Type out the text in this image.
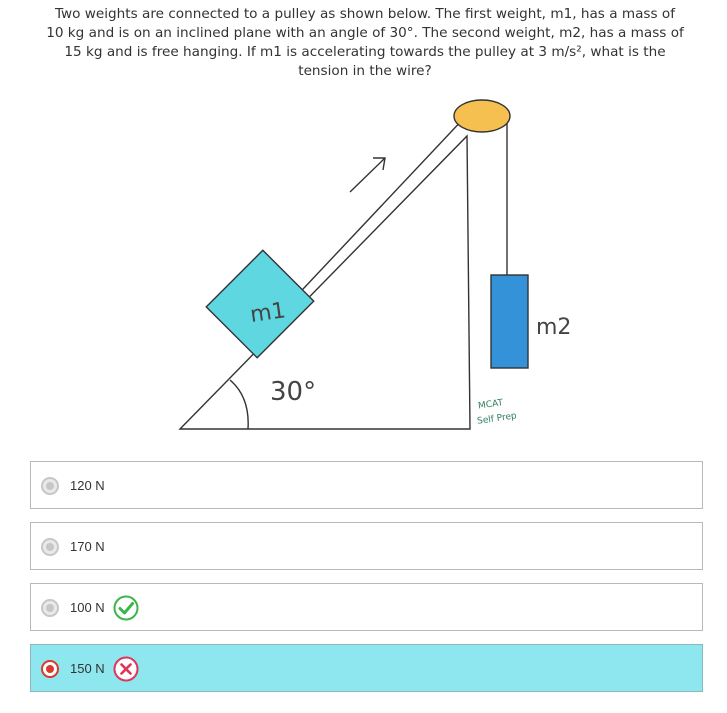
Two weights are connected to a pulley as shown below. The first weight, m1, has a mass of 10 kg and is on an inclined plane with an angle of 30°. The second weight, m2, has a mass of 15 kg and is free hanging. If m1 is accelerating towards the pulley at 3 m/s², what is the tension in the wire?
m1	m2
30°	MCAT
Self Prep
120 N
170 N
100 N
150 N
